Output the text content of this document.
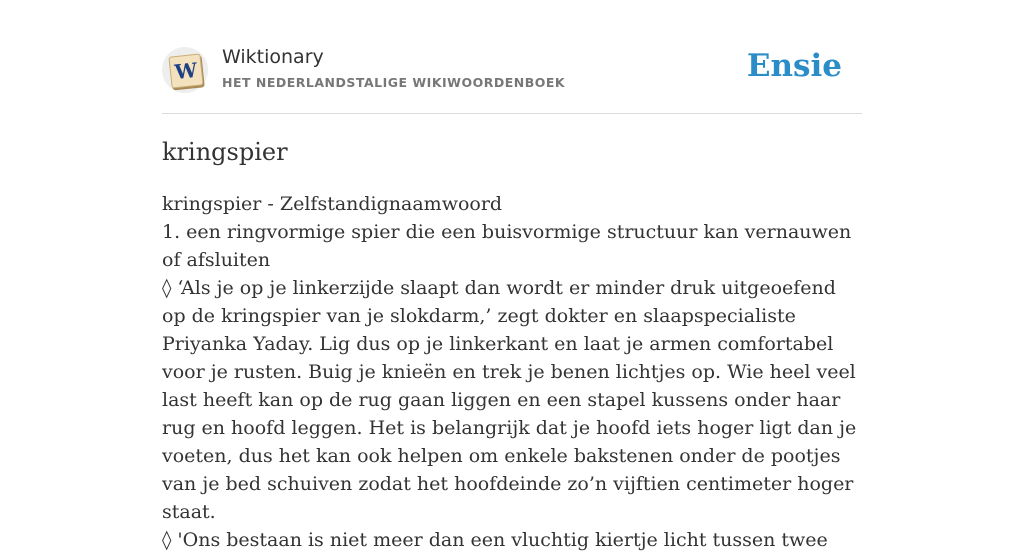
W
Wiktionary
HET NEDERLANDSTALIGE WIKIWOORDENBOEK	Ensie
kringspier
kringspier - Zelfstandignaamwoord
1. een ringvormige spier die een buisvormige structuur kan vernauwen of afsluiten
◊ ‘Als je op je linkerzijde slaapt dan wordt er minder druk uitgeoefend op de kringspier van je slokdarm,’ zegt dokter en slaapspecialiste Priyanka Yaday. Lig dus op je linkerkant en laat je armen comfortabel voor je rusten. Buig je knieën en trek je benen lichtjes op. Wie heel veel last heeft kan op de rug gaan liggen en een stapel kussens onder haar rug en hoofd leggen. Het is belangrijk dat je hoofd iets hoger ligt dan je voeten, dus het kan ook helpen om enkele bakstenen onder de pootjes van je bed schuiven zodat het hoofdeinde zo’n vijftien centimeter hoger staat.
◊ 'Ons bestaan is niet meer dan een vluchtig kiertje licht tussen twee
